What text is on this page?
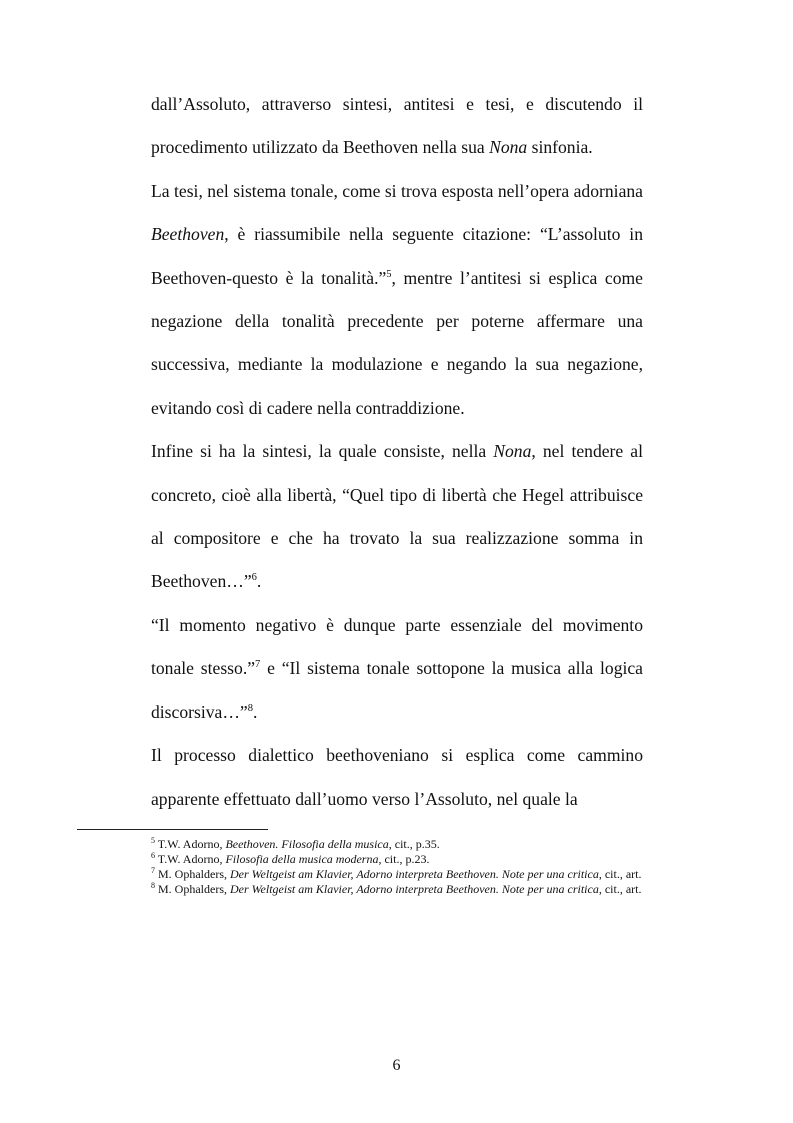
dall’Assoluto, attraverso sintesi, antitesi e tesi, e discutendo il procedimento utilizzato da Beethoven nella sua Nona sinfonia.

La tesi, nel sistema tonale, come si trova esposta nell’opera adorniana Beethoven, è riassumibile nella seguente citazione: “L’assoluto in Beethoven-questo è la tonalità.”$^5$, mentre l’antitesi si esplica come negazione della tonalità precedente per poterne affermare una successiva, mediante la modulazione e negando la sua negazione, evitando così di cadere nella contraddizione.

Infine si ha la sintesi, la quale consiste, nella Nona, nel tendere al concreto, cioè alla libertà, “Quel tipo di libertà che Hegel attribuisce al compositore e che ha trovato la sua realizzazione somma in Beethoven…”$^6$.

“Il momento negativo è dunque parte essenziale del movimento tonale stesso.”$^7$ e “Il sistema tonale sottopone la musica alla logica discorsiva…”$^8$.

Il processo dialettico beethoveniano si esplica come cammino apparente effettuato dall’uomo verso l’Assoluto, nel quale la

$^5$ T.W. Adorno, Beethoven. Filosofia della musica, cit., p.35.

$^6$ T.W. Adorno, Filosofia della musica moderna, cit., p.23.

$^7$ M. Ophalders, Der Weltgeist am Klavier, Adorno interpreta Beethoven. Note per una critica, cit., art.

$^8$ M. Ophalders, Der Weltgeist am Klavier, Adorno interpreta Beethoven. Note per una critica, cit., art.

6
